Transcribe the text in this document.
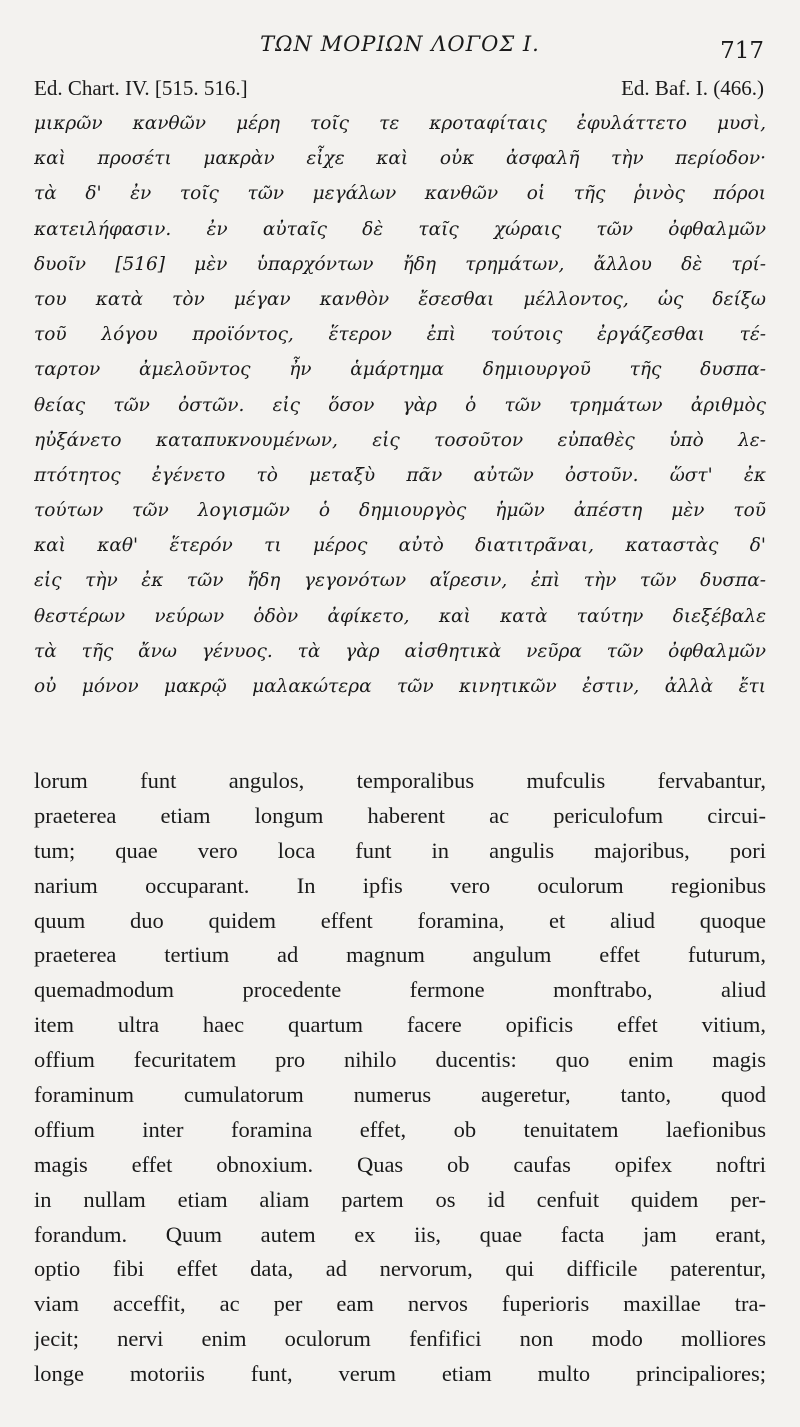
ΤΩΝ ΜΟΡΙΩΝ ΛΟΓΟΣ Ι.	717
Ed. Chart. IV. [515. 516.]	Ed. Baf. I. (466.)
μικρῶν κανθῶν μέρη τοῖς τε κροταφίταις ἐφυλάττετο μυσὶ,
καὶ προσέτι μακρὰν εἶχε καὶ οὐκ ἀσφαλῆ τὴν περίοδον·
τὰ δ' ἐν τοῖς τῶν μεγάλων κανθῶν οἱ τῆς ῥινὸς πόροι
κατειλήφασιν. ἐν αὐταῖς δὲ ταῖς χώραις τῶν ὀφθαλμῶν
δυοῖν [516] μὲν ὑπαρχόντων ἤδη τρημάτων, ἄλλου δὲ τρί-
του κατὰ τὸν μέγαν κανθὸν ἔσεσθαι μέλλοντος, ὡς δείξω
τοῦ λόγου προϊόντος, ἕτερον ἐπὶ τούτοις ἐργάζεσθαι τέ-
ταρτον ἀμελοῦντος ἦν ἁμάρτημα δημιουργοῦ τῆς δυσπα-
θείας τῶν ὀστῶν. εἰς ὅσον γὰρ ὁ τῶν τρημάτων ἀριθμὸς
ηὐξάνετο καταπυκνουμένων, εἰς τοσοῦτον εὐπαθὲς ὑπὸ λε-
πτότητος ἐγένετο τὸ μεταξὺ πᾶν αὐτῶν ὀστοῦν. ὥστ' ἐκ
τούτων τῶν λογισμῶν ὁ δημιουργὸς ἡμῶν ἀπέστη μὲν τοῦ
καὶ καθ' ἕτερόν τι μέρος αὐτὸ διατιτρᾶναι, καταστὰς δ'
εἰς τὴν ἐκ τῶν ἤδη γεγονότων αἵρεσιν, ἐπὶ τὴν τῶν δυσπα-
θεστέρων νεύρων ὁδὸν ἀφίκετο, καὶ κατὰ ταύτην διεξέβαλε
τὰ τῆς ἄνω γένυος. τὰ γὰρ αἰσθητικὰ νεῦρα τῶν ὀφθαλμῶν
οὐ μόνον μακρῷ μαλακώτερα τῶν κινητικῶν ἐστιν, ἀλλὰ ἔτι
lorum funt angulos, temporalibus mufculis fervabantur,
praeterea etiam longum haberent ac periculofum circui-
tum; quae vero loca funt in angulis majoribus, pori
narium occuparant. In ipfis vero oculorum regionibus
quum duo quidem effent foramina, et aliud quoque
praeterea tertium ad magnum angulum effet futurum,
quemadmodum procedente fermone monftrabo, aliud
item ultra haec quartum facere opificis effet vitium,
offium fecuritatem pro nihilo ducentis: quo enim magis
foraminum cumulatorum numerus augeretur, tanto, quod
offium inter foramina effet, ob tenuitatem laefionibus
magis effet obnoxium. Quas ob caufas opifex noftri
in nullam etiam aliam partem os id cenfuit quidem per-
forandum. Quum autem ex iis, quae facta jam erant,
optio fibi effet data, ad nervorum, qui difficile paterentur,
viam acceffit, ac per eam nervos fuperioris maxillae tra-
jecit; nervi enim oculorum fenfifici non modo molliores
longe motoriis funt, verum etiam multo principaliores;
